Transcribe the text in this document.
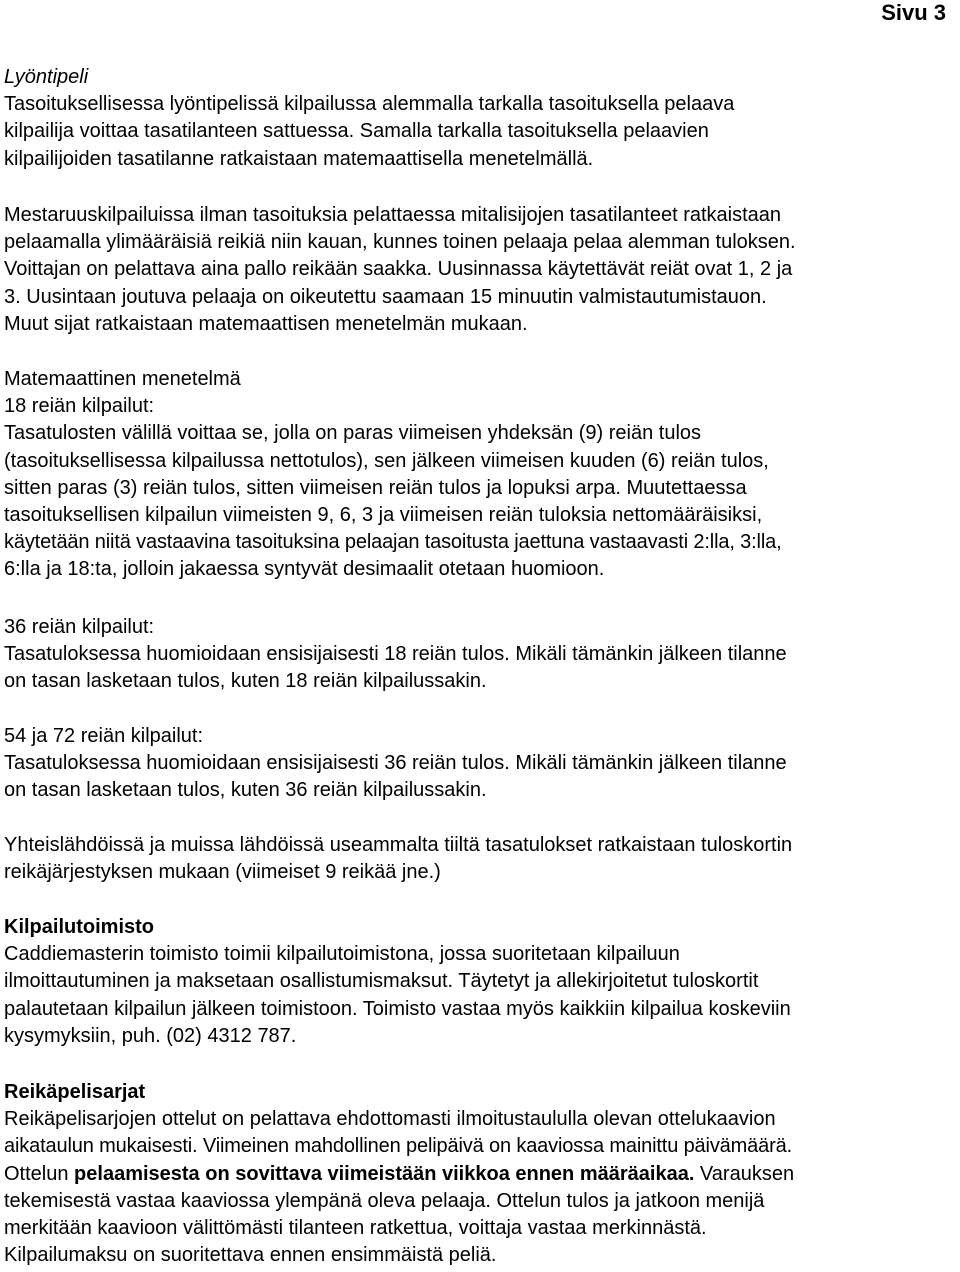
Sivu 3
Lyöntipeli
Tasoituksellisessa lyöntipelissä kilpailussa alemmalla tarkalla tasoituksella pelaava
kilpailija voittaa tasatilanteen sattuessa. Samalla tarkalla tasoituksella pelaavien
kilpailijoiden tasatilanne ratkaistaan matemaattisella menetelmällä.
Mestaruuskilpailuissa ilman tasoituksia pelattaessa mitalisijojen tasatilanteet ratkaistaan
pelaamalla ylimääräisiä reikiä niin kauan, kunnes toinen pelaaja pelaa alemman tuloksen.
Voittajan on pelattava aina pallo reikään saakka. Uusinnassa käytettävät reiät ovat 1, 2 ja
3. Uusintaan joutuva pelaaja on oikeutettu saamaan 15 minuutin valmistautumistauon.
Muut sijat ratkaistaan matemaattisen menetelmän mukaan.
Matemaattinen menetelmä
18 reiän kilpailut:
Tasatulosten välillä voittaa se, jolla on paras viimeisen yhdeksän (9) reiän tulos
(tasoituksellisessa kilpailussa nettotulos), sen jälkeen viimeisen kuuden (6) reiän tulos,
sitten paras (3) reiän tulos, sitten viimeisen reiän tulos ja lopuksi arpa. Muutettaessa
tasoituksellisen kilpailun viimeisten 9, 6, 3 ja viimeisen reiän tuloksia nettomääräisiksi,
käytetään niitä vastaavina tasoituksina pelaajan tasoitusta jaettuna vastaavasti 2:lla, 3:lla,
6:lla ja 18:ta, jolloin jakaessa syntyvät desimaalit otetaan huomioon.
36 reiän kilpailut:
Tasatuloksessa huomioidaan ensisijaisesti 18 reiän tulos. Mikäli tämänkin jälkeen tilanne
on tasan lasketaan tulos, kuten 18 reiän kilpailussakin.
54 ja 72 reiän kilpailut:
Tasatuloksessa huomioidaan ensisijaisesti 36 reiän tulos. Mikäli tämänkin jälkeen tilanne
on tasan lasketaan tulos, kuten 36 reiän kilpailussakin.
Yhteislähdöissä ja muissa lähdöissä useammalta tiiltä tasatulokset ratkaistaan tuloskortin
reikäjärjestyksen mukaan (viimeiset 9 reikää jne.)
Kilpailutoimisto
Caddiemasterin toimisto toimii kilpailutoimistona, jossa suoritetaan kilpailuun
ilmoittautuminen ja maksetaan osallistumismaksut. Täytetyt ja allekirjoitetut tuloskortit
palautetaan kilpailun jälkeen toimistoon. Toimisto vastaa myös kaikkiin kilpailua koskeviin
kysymyksiin, puh. (02) 4312 787.
Reikäpelisarjat
Reikäpelisarjojen ottelut on pelattava ehdottomasti ilmoitustaululla olevan ottelukaavion
aikataulun mukaisesti. Viimeinen mahdollinen pelipäivä on kaaviossa mainittu päivämäärä.
Ottelun pelaamisesta on sovittava viimeistään viikkoa ennen määräaikaa. Varauksen
tekemisestä vastaa kaaviossa ylempänä oleva pelaaja. Ottelun tulos ja jatkoon menijä
merkitään kaavioon välittömästi tilanteen ratkettua, voittaja vastaa merkinnästä.
Kilpailumaksu on suoritettava ennen ensimmäistä peliä.
